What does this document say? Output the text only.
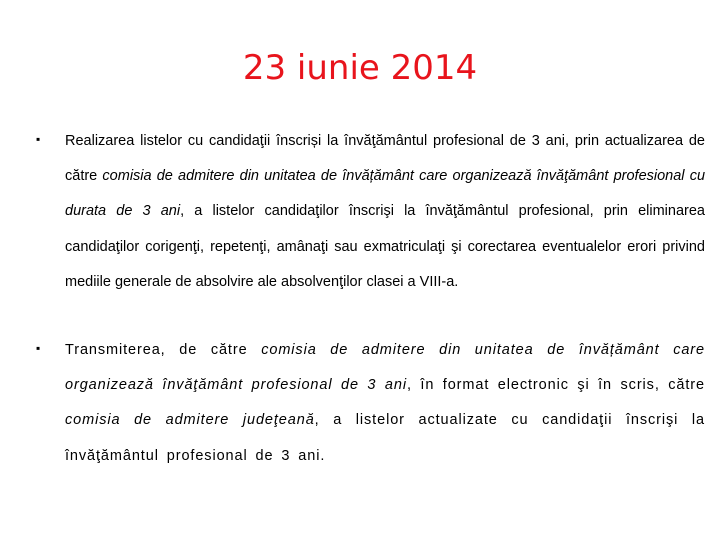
23 iunie 2014
▪ Realizarea listelor cu candidaţii înscriși la învăţământul profesional de 3 ani, prin actualizarea de către comisia de admitere din unitatea de învățământ care organizează învăţământ profesional cu durata de 3 ani, a listelor candidaţilor înscrişi la învăţământul profesional, prin eliminarea candidaţilor corigenţi, repetenţi, amânaţi sau exmatriculaţi şi corectarea eventualelor erori privind mediile generale de absolvire ale absolvenţilor clasei a VIII-a.
▪ Transmiterea, de către comisia de admitere din unitatea de învățământ care organizează învăţământ profesional de 3 ani, în format electronic şi în scris, către comisia de admitere judeţeană, a listelor actualizate cu candidaţii înscrişi la învăţământul profesional de 3 ani.
